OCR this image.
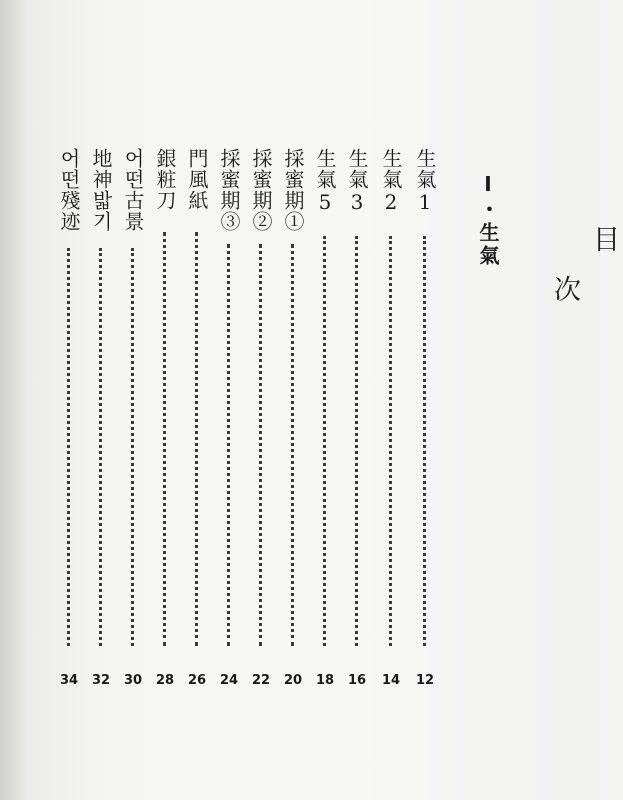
目
次
I・生氣
生氣1
12
生氣2
14
生氣3
16
生氣5
18
採蜜期①
20
採蜜期②
22
採蜜期③
24
門風紙
26
銀粧刀
28
어떤古景
30
地神밟기
32
어떤殘迹
34
